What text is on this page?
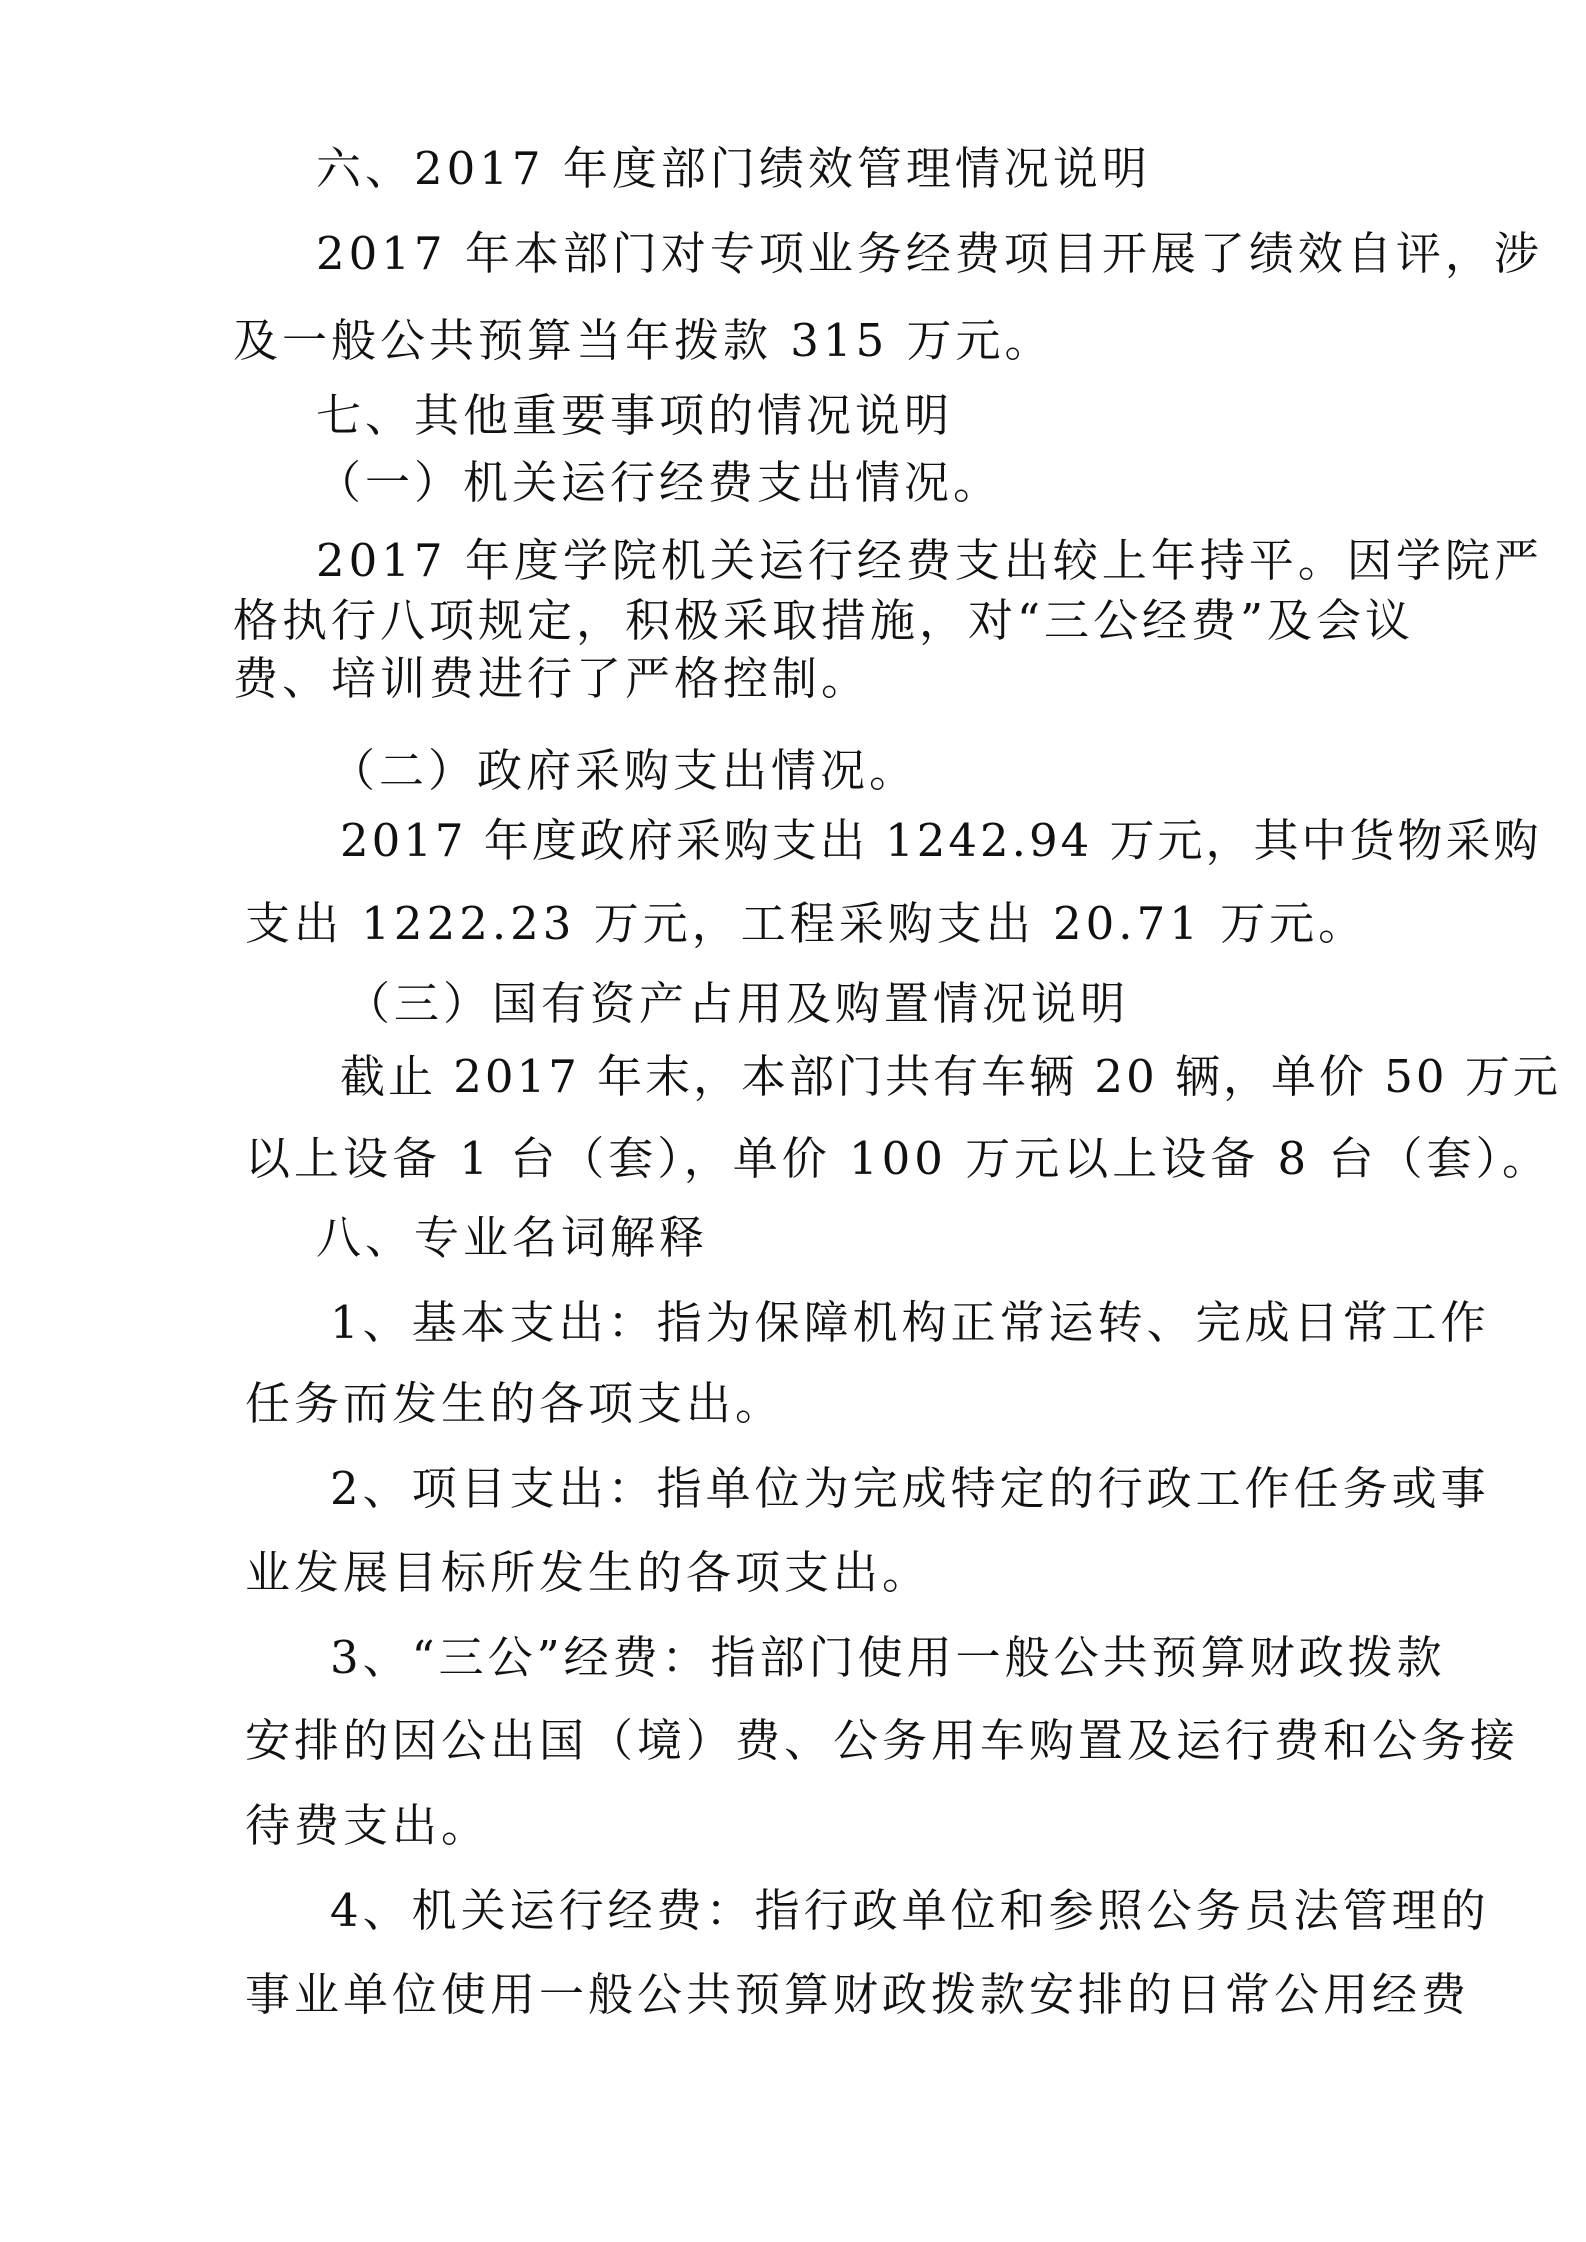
六、2017 年度部门绩效管理情况说明

2017 年本部门对专项业务经费项目开展了绩效自评，涉

及一般公共预算当年拨款 315 万元。

七、其他重要事项的情况说明

（一）机关运行经费支出情况。

2017 年度学院机关运行经费支出较上年持平。因学院严

格执行八项规定，积极采取措施，对“三公经费”及会议

费、培训费进行了严格控制。

（二）政府采购支出情况。

2017 年度政府采购支出 1242.94 万元，其中货物采购

支出 1222.23 万元，工程采购支出 20.71 万元。

（三）国有资产占用及购置情况说明

截止 2017 年末，本部门共有车辆 20 辆，单价 50 万元

以上设备 1 台（套），单价 100 万元以上设备 8 台（套）。

八、专业名词解释

1、基本支出：指为保障机构正常运转、完成日常工作

任务而发生的各项支出。

2、项目支出：指单位为完成特定的行政工作任务或事

业发展目标所发生的各项支出。

3、“三公”经费：指部门使用一般公共预算财政拨款

安排的因公出国（境）费、公务用车购置及运行费和公务接

待费支出。

4、机关运行经费：指行政单位和参照公务员法管理的

事业单位使用一般公共预算财政拨款安排的日常公用经费
